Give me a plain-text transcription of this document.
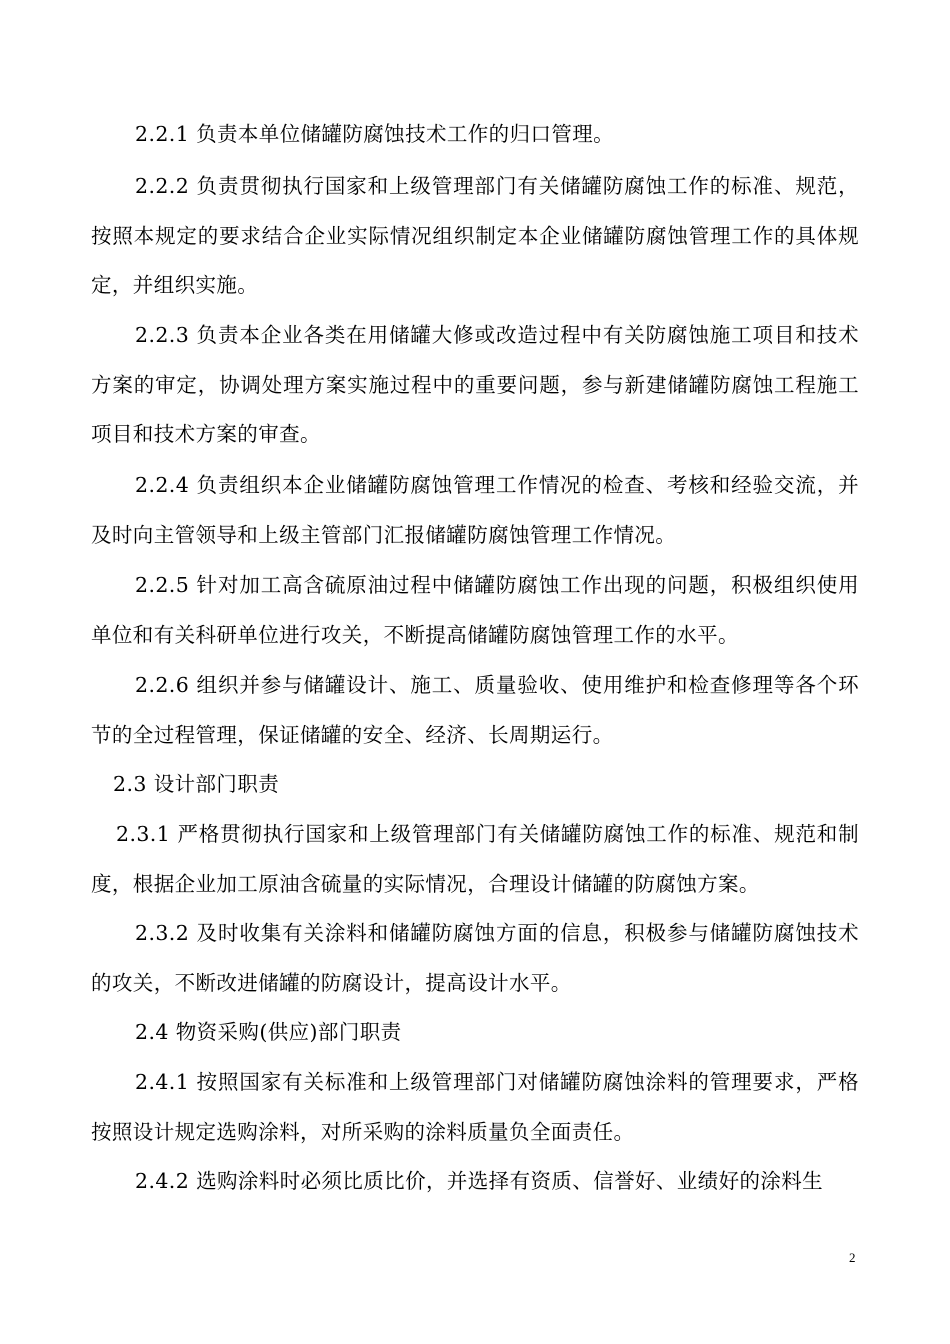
2.2.1 负责本单位储罐防腐蚀技术工作的归口管理。

2.2.2 负责贯彻执行国家和上级管理部门有关储罐防腐蚀工作的标准、规范，按照本规定的要求结合企业实际情况组织制定本企业储罐防腐蚀管理工作的具体规定，并组织实施。

2.2.3 负责本企业各类在用储罐大修或改造过程中有关防腐蚀施工项目和技术方案的审定，协调处理方案实施过程中的重要问题，参与新建储罐防腐蚀工程施工项目和技术方案的审查。

2.2.4 负责组织本企业储罐防腐蚀管理工作情况的检查、考核和经验交流，并及时向主管领导和上级主管部门汇报储罐防腐蚀管理工作情况。

2.2.5 针对加工高含硫原油过程中储罐防腐蚀工作出现的问题，积极组织使用单位和有关科研单位进行攻关，不断提高储罐防腐蚀管理工作的水平。

2.2.6 组织并参与储罐设计、施工、质量验收、使用维护和检查修理等各个环节的全过程管理，保证储罐的安全、经济、长周期运行。

2.3 设计部门职责

2.3.1 严格贯彻执行国家和上级管理部门有关储罐防腐蚀工作的标准、规范和制度，根据企业加工原油含硫量的实际情况，合理设计储罐的防腐蚀方案。

2.3.2 及时收集有关涂料和储罐防腐蚀方面的信息，积极参与储罐防腐蚀技术的攻关，不断改进储罐的防腐设计，提高设计水平。

2.4 物资采购(供应)部门职责

2.4.1 按照国家有关标准和上级管理部门对储罐防腐蚀涂料的管理要求，严格按照设计规定选购涂料，对所采购的涂料质量负全面责任。

2.4.2 选购涂料时必须比质比价，并选择有资质、信誉好、业绩好的涂料生

2
